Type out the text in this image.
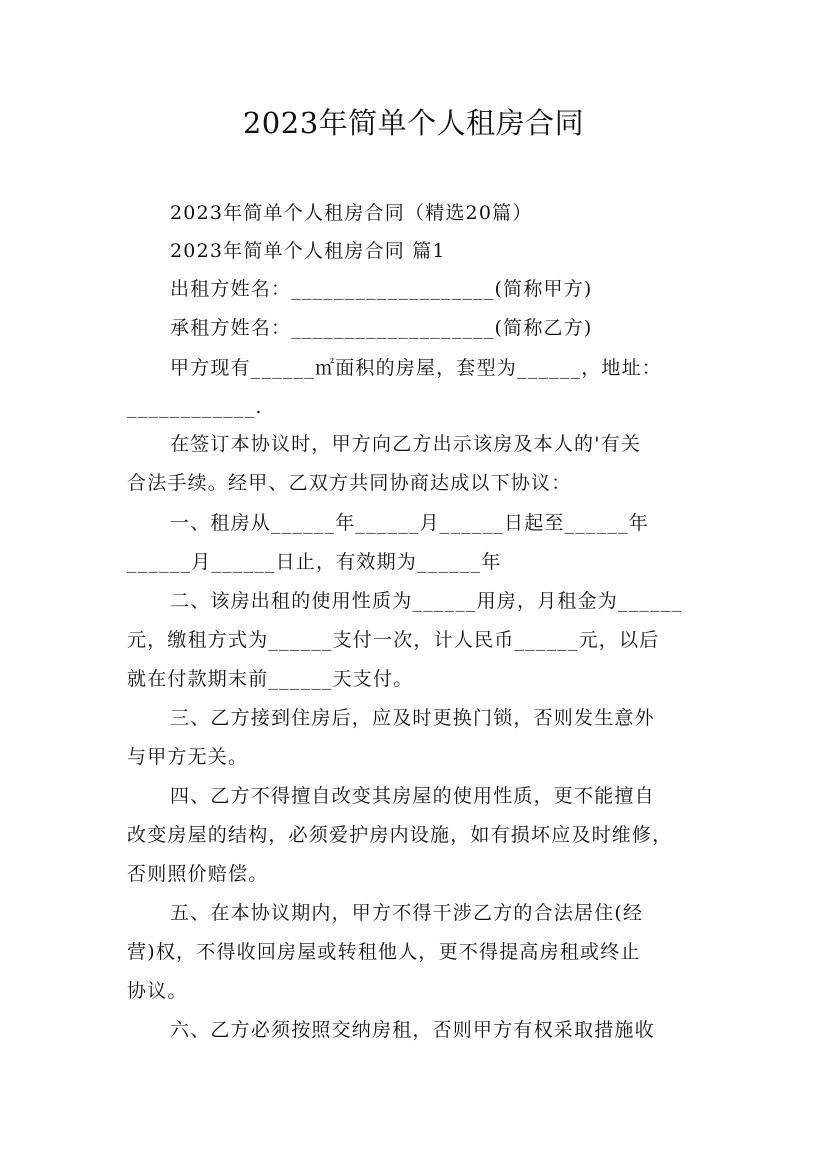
2023年简单个人租房合同
2023年简单个人租房合同（精选20篇）
2023年简单个人租房合同 篇1
出租方姓名：___________________(简称甲方)
承租方姓名：___________________(简称乙方)
甲方现有______㎡面积的房屋，套型为______，地址：
____________.
在签订本协议时，甲方向乙方出示该房及本人的'有关
合法手续。经甲、乙双方共同协商达成以下协议：
一、租房从______年______月______日起至______年
______月______日止，有效期为______年
二、该房出租的使用性质为______用房，月租金为______
元，缴租方式为______支付一次，计人民币______元，以后
就在付款期末前______天支付。
三、乙方接到住房后，应及时更换门锁，否则发生意外
与甲方无关。
四、乙方不得擅自改变其房屋的使用性质，更不能擅自
改变房屋的结构，必须爱护房内设施，如有损坏应及时维修，
否则照价赔偿。
五、在本协议期内，甲方不得干涉乙方的合法居住(经
营)权，不得收回房屋或转租他人，更不得提高房租或终止
协议。
六、乙方必须按照交纳房租，否则甲方有权采取措施收
